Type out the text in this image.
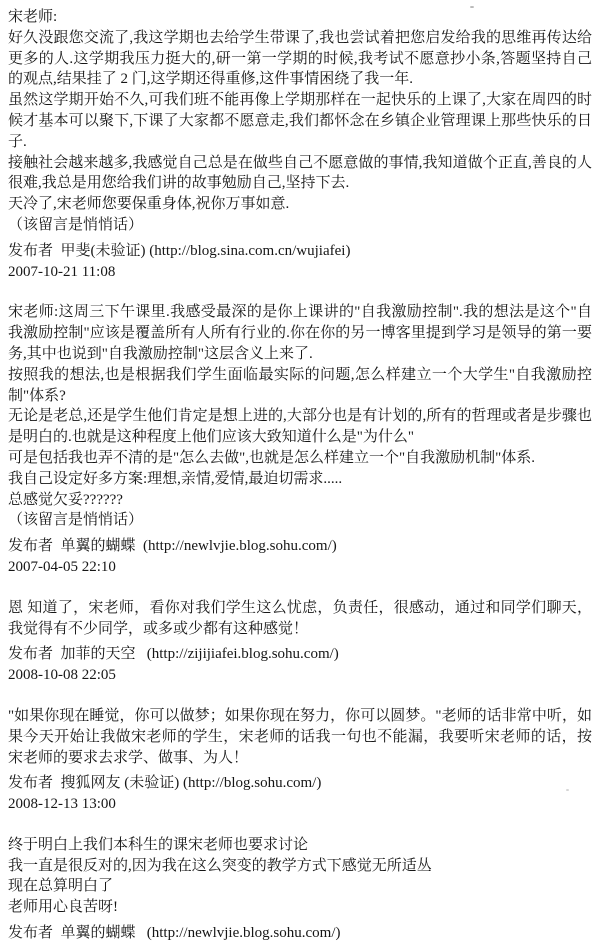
宋老师:
好久没跟您交流了,我这学期也去给学生带课了,我也尝试着把您启发给我的思维再传达给更多的人.这学期我压力挺大的,研一第一学期的时候,我考试不愿意抄小条,答题坚持自己的观点,结果挂了 2 门,这学期还得重修,这件事情困绕了我一年.
虽然这学期开始不久,可我们班不能再像上学期那样在一起快乐的上课了,大家在周四的时候才基本可以聚下,下课了大家都不愿意走,我们都怀念在乡镇企业管理课上那些快乐的日子.
接触社会越来越多,我感觉自己总是在做些自己不愿意做的事情,我知道做个正直,善良的人很难,我总是用您给我们讲的故事勉励自己,坚持下去.
天冷了,宋老师您要保重身体,祝你万事如意.
（该留言是悄悄话）
发布者  甲斐(未验证) (http://blog.sina.com.cn/wujiafei)
2007-10-21 11:08
宋老师:这周三下午课里.我感受最深的是你上课讲的"自我激励控制".我的想法是这个"自我激励控制"应该是覆盖所有人所有行业的.你在你的另一博客里提到学习是领导的第一要务,其中也说到"自我激励控制"这层含义上来了.
按照我的想法,也是根据我们学生面临最实际的问题,怎么样建立一个大学生"自我激励控制"体系?
无论是老总,还是学生他们肯定是想上进的,大部分也是有计划的,所有的哲理或者是步骤也是明白的.也就是这种程度上他们应该大致知道什么是"为什么"
可是包括我也弄不清的是"怎么去做",也就是怎么样建立一个"自我激励机制"体系.
我自己设定好多方案:理想,亲情,爱情,最迫切需求.....
总感觉欠妥??????
（该留言是悄悄话）
发布者  单翼的蝴蝶  (http://newlvjie.blog.sohu.com/)
2007-04-05 22:10
恩 知道了，宋老师，看你对我们学生这么忧虑，负责任，很感动，通过和同学们聊天，我觉得有不少同学，或多或少都有这种感觉！
发布者  加菲的天空   (http://zijijiafei.blog.sohu.com/)
2008-10-08 22:05
"如果你现在睡觉，你可以做梦；如果你现在努力，你可以圆梦。"老师的话非常中听，如果今天开始让我做宋老师的学生，宋老师的话我一句也不能漏，我要听宋老师的话，按宋老师的要求去求学、做事、为人！
发布者  搜狐网友 (未验证) (http://blog.sohu.com/)
2008-12-13 13:00
终于明白上我们本科生的课宋老师也要求讨论
我一直是很反对的,因为我在这么突变的教学方式下感觉无所适丛
现在总算明白了
老师用心良苦呀!
发布者  单翼的蝴蝶   (http://newlvjie.blog.sohu.com/)
